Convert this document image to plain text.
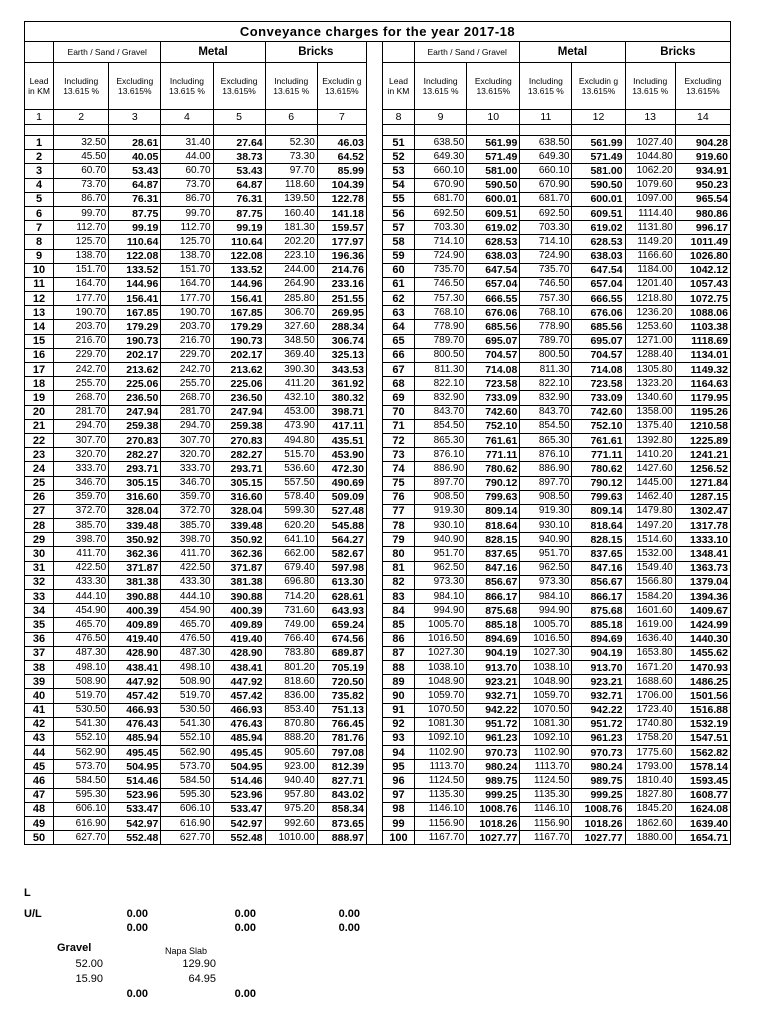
Conveyance charges for the year 2017-18														
	Earth / Sand / Gravel		Metal		Bricks				Earth / Sand / Gravel		Metal		Bricks	
Lead in KM	Including 13.615 %	Excluding 13.615%	Including 13.615 %	Excluding 13.615%	Including 13.615 %	Excludin g 13.615%		Lead in KM	Including 13.615 %	Excluding 13.615%	Including 13.615 %	Excludin g 13.615%	Including 13.615 %	Excluding 13.615%
1	2	3	4	5	6	7		8	9	10	11	12	13	14

1	32.50	28.61	31.40	27.64	52.30	46.03		51	638.50	561.99	638.50	561.99	1027.40	904.28
2	45.50	40.05	44.00	38.73	73.30	64.52		52	649.30	571.49	649.30	571.49	1044.80	919.60
3	60.70	53.43	60.70	53.43	97.70	85.99		53	660.10	581.00	660.10	581.00	1062.20	934.91
4	73.70	64.87	73.70	64.87	118.60	104.39		54	670.90	590.50	670.90	590.50	1079.60	950.23
5	86.70	76.31	86.70	76.31	139.50	122.78		55	681.70	600.01	681.70	600.01	1097.00	965.54
6	99.70	87.75	99.70	87.75	160.40	141.18		56	692.50	609.51	692.50	609.51	1114.40	980.86
7	112.70	99.19	112.70	99.19	181.30	159.57		57	703.30	619.02	703.30	619.02	1131.80	996.17
8	125.70	110.64	125.70	110.64	202.20	177.97		58	714.10	628.53	714.10	628.53	1149.20	1011.49
9	138.70	122.08	138.70	122.08	223.10	196.36		59	724.90	638.03	724.90	638.03	1166.60	1026.80
10	151.70	133.52	151.70	133.52	244.00	214.76		60	735.70	647.54	735.70	647.54	1184.00	1042.12
11	164.70	144.96	164.70	144.96	264.90	233.16		61	746.50	657.04	746.50	657.04	1201.40	1057.43
12	177.70	156.41	177.70	156.41	285.80	251.55		62	757.30	666.55	757.30	666.55	1218.80	1072.75
13	190.70	167.85	190.70	167.85	306.70	269.95		63	768.10	676.06	768.10	676.06	1236.20	1088.06
14	203.70	179.29	203.70	179.29	327.60	288.34		64	778.90	685.56	778.90	685.56	1253.60	1103.38
15	216.70	190.73	216.70	190.73	348.50	306.74		65	789.70	695.07	789.70	695.07	1271.00	1118.69
16	229.70	202.17	229.70	202.17	369.40	325.13		66	800.50	704.57	800.50	704.57	1288.40	1134.01
17	242.70	213.62	242.70	213.62	390.30	343.53		67	811.30	714.08	811.30	714.08	1305.80	1149.32
18	255.70	225.06	255.70	225.06	411.20	361.92		68	822.10	723.58	822.10	723.58	1323.20	1164.63
19	268.70	236.50	268.70	236.50	432.10	380.32		69	832.90	733.09	832.90	733.09	1340.60	1179.95
20	281.70	247.94	281.70	247.94	453.00	398.71		70	843.70	742.60	843.70	742.60	1358.00	1195.26
21	294.70	259.38	294.70	259.38	473.90	417.11		71	854.50	752.10	854.50	752.10	1375.40	1210.58
22	307.70	270.83	307.70	270.83	494.80	435.51		72	865.30	761.61	865.30	761.61	1392.80	1225.89
23	320.70	282.27	320.70	282.27	515.70	453.90		73	876.10	771.11	876.10	771.11	1410.20	1241.21
24	333.70	293.71	333.70	293.71	536.60	472.30		74	886.90	780.62	886.90	780.62	1427.60	1256.52
25	346.70	305.15	346.70	305.15	557.50	490.69		75	897.70	790.12	897.70	790.12	1445.00	1271.84
26	359.70	316.60	359.70	316.60	578.40	509.09		76	908.50	799.63	908.50	799.63	1462.40	1287.15
27	372.70	328.04	372.70	328.04	599.30	527.48		77	919.30	809.14	919.30	809.14	1479.80	1302.47
28	385.70	339.48	385.70	339.48	620.20	545.88		78	930.10	818.64	930.10	818.64	1497.20	1317.78
29	398.70	350.92	398.70	350.92	641.10	564.27		79	940.90	828.15	940.90	828.15	1514.60	1333.10
30	411.70	362.36	411.70	362.36	662.00	582.67		80	951.70	837.65	951.70	837.65	1532.00	1348.41
31	422.50	371.87	422.50	371.87	679.40	597.98		81	962.50	847.16	962.50	847.16	1549.40	1363.73
32	433.30	381.38	433.30	381.38	696.80	613.30		82	973.30	856.67	973.30	856.67	1566.80	1379.04
33	444.10	390.88	444.10	390.88	714.20	628.61		83	984.10	866.17	984.10	866.17	1584.20	1394.36
34	454.90	400.39	454.90	400.39	731.60	643.93		84	994.90	875.68	994.90	875.68	1601.60	1409.67
35	465.70	409.89	465.70	409.89	749.00	659.24		85	1005.70	885.18	1005.70	885.18	1619.00	1424.99
36	476.50	419.40	476.50	419.40	766.40	674.56		86	1016.50	894.69	1016.50	894.69	1636.40	1440.30
37	487.30	428.90	487.30	428.90	783.80	689.87		87	1027.30	904.19	1027.30	904.19	1653.80	1455.62
38	498.10	438.41	498.10	438.41	801.20	705.19		88	1038.10	913.70	1038.10	913.70	1671.20	1470.93
39	508.90	447.92	508.90	447.92	818.60	720.50		89	1048.90	923.21	1048.90	923.21	1688.60	1486.25
40	519.70	457.42	519.70	457.42	836.00	735.82		90	1059.70	932.71	1059.70	932.71	1706.00	1501.56
41	530.50	466.93	530.50	466.93	853.40	751.13		91	1070.50	942.22	1070.50	942.22	1723.40	1516.88
42	541.30	476.43	541.30	476.43	870.80	766.45		92	1081.30	951.72	1081.30	951.72	1740.80	1532.19
43	552.10	485.94	552.10	485.94	888.20	781.76		93	1092.10	961.23	1092.10	961.23	1758.20	1547.51
44	562.90	495.45	562.90	495.45	905.60	797.08		94	1102.90	970.73	1102.90	970.73	1775.60	1562.82
45	573.70	504.95	573.70	504.95	923.00	812.39		95	1113.70	980.24	1113.70	980.24	1793.00	1578.14
46	584.50	514.46	584.50	514.46	940.40	827.71		96	1124.50	989.75	1124.50	989.75	1810.40	1593.45
47	595.30	523.96	595.30	523.96	957.80	843.02		97	1135.30	999.25	1135.30	999.25	1827.80	1608.77
48	606.10	533.47	606.10	533.47	975.20	858.34		98	1146.10	1008.76	1146.10	1008.76	1845.20	1624.08
49	616.90	542.97	616.90	542.97	992.60	873.65		99	1156.90	1018.26	1156.90	1018.26	1862.60	1639.40
50	627.70	552.48	627.70	552.48	1010.00	888.97		100	1167.70	1027.77	1167.70	1027.77	1880.00	1654.71
L
U/L	0.00	0.00	0.00
0.00	0.00	0.00
Gravel	Napa Slab
52.00	129.90
15.90	64.95
0.00	0.00
